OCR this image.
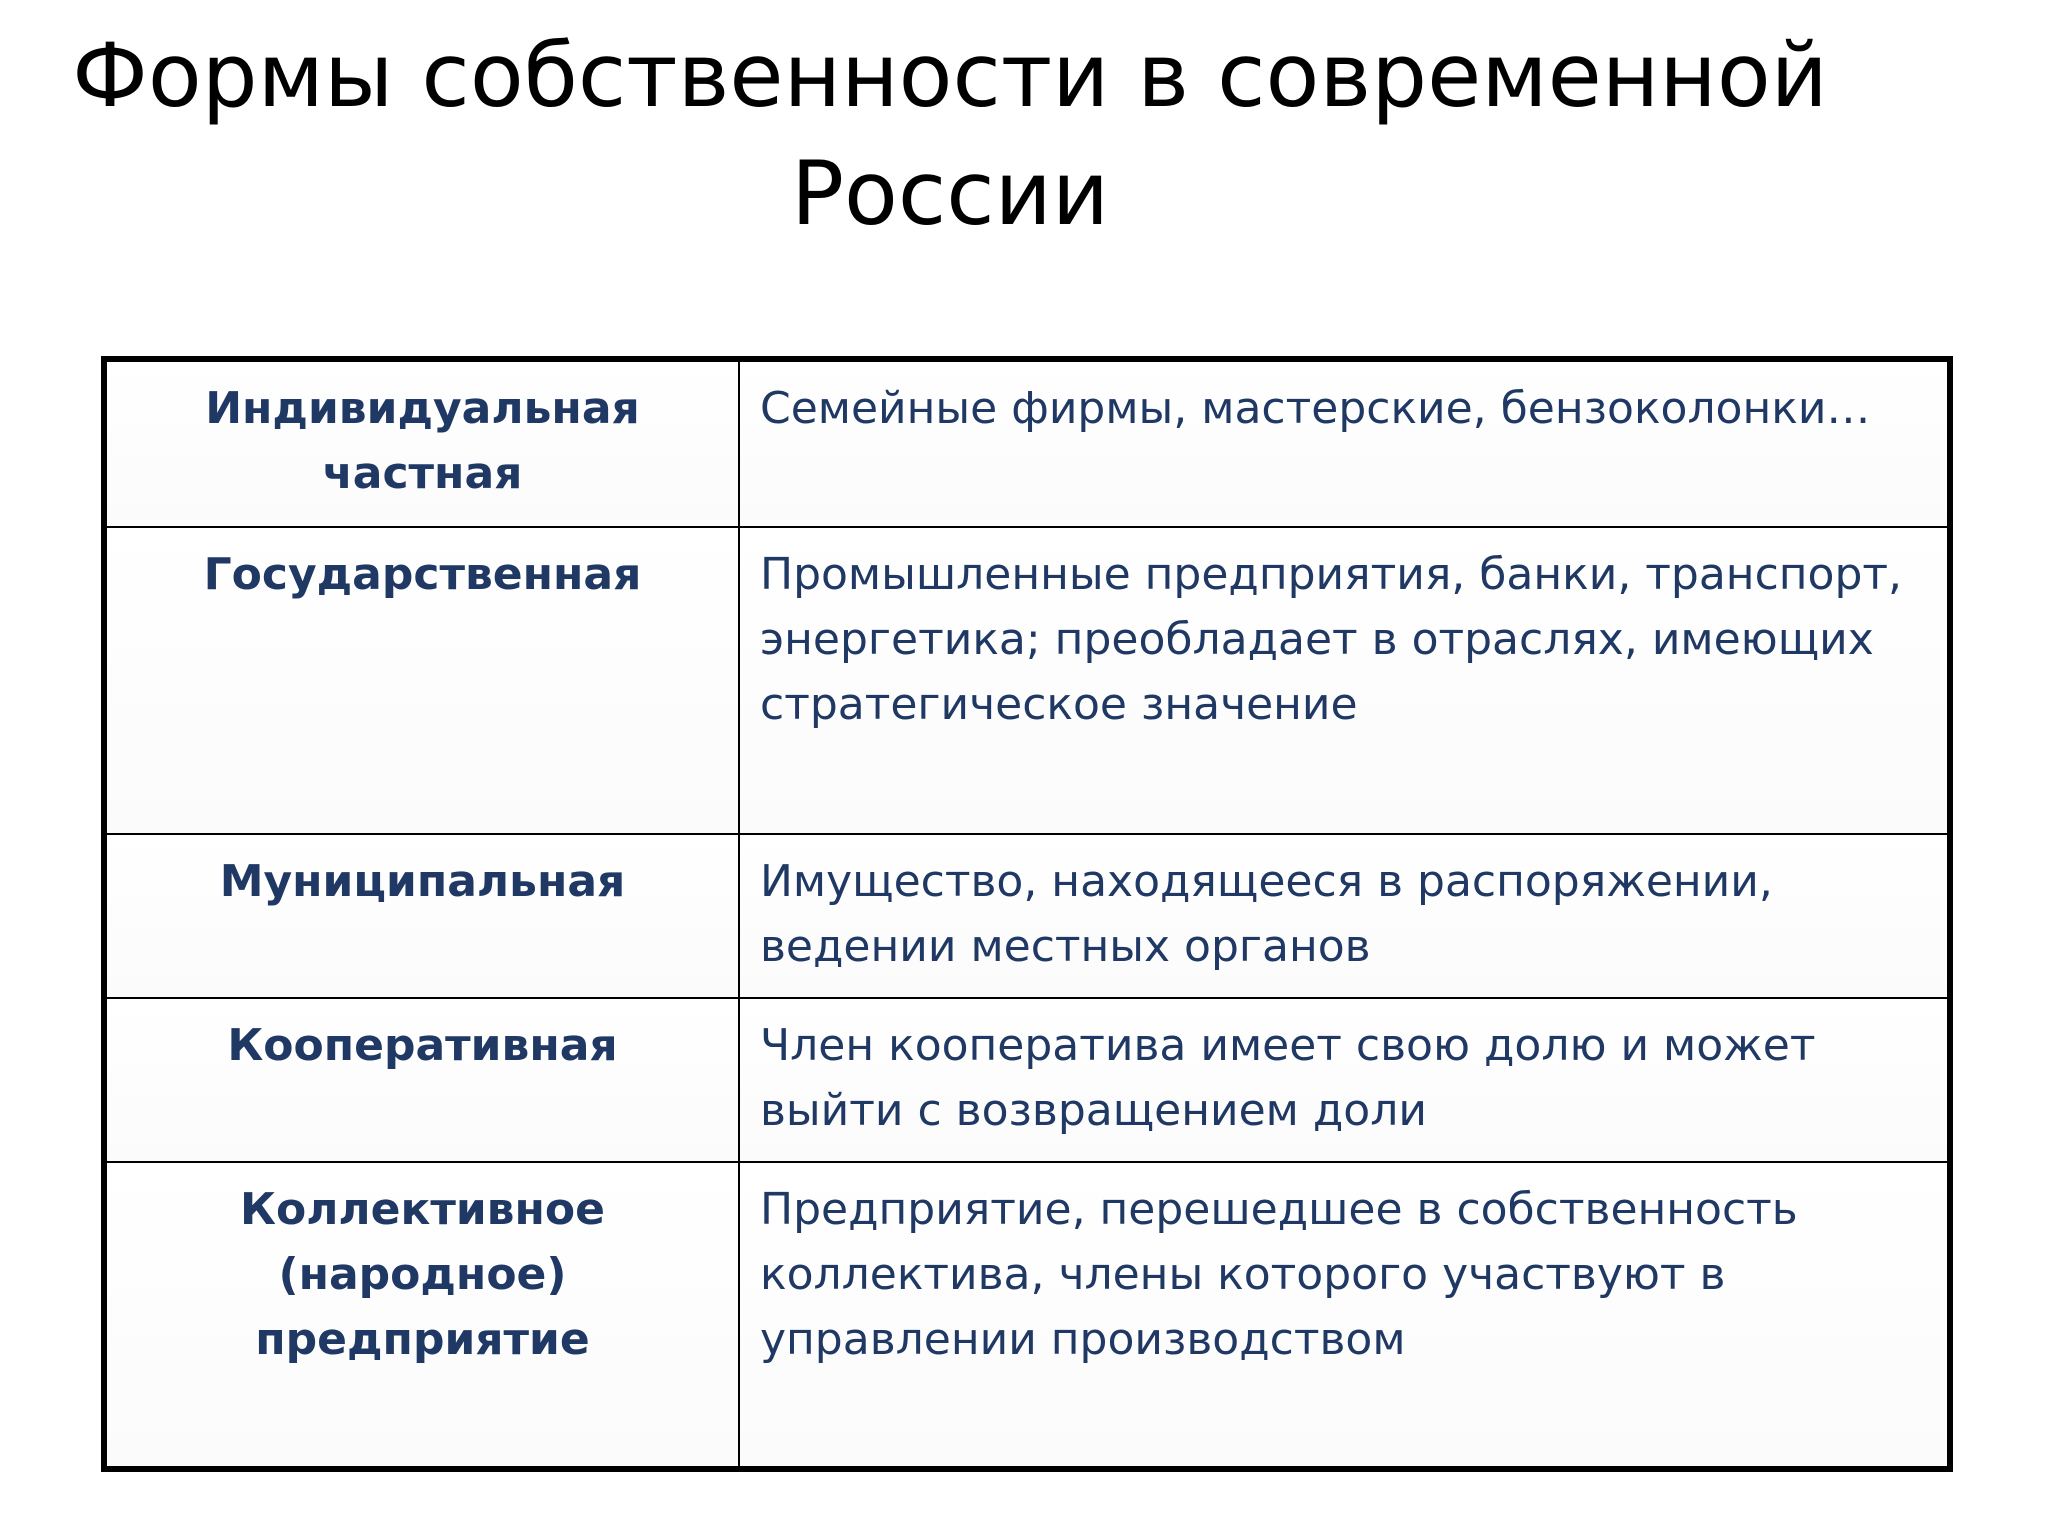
Формы собственности в современной
России
Индивидуальная частная	Семейные фирмы, мастерские, бензоколонки…
Государственная	Промышленные предприятия, банки, транспорт, энергетика; преобладает в отраслях, имеющих стратегическое значение
Муниципальная	Имущество, находящееся в распоряжении, ведении местных органов
Кооперативная	Член кооператива имеет свою долю и может выйти с возвращением доли
Коллективное (народное) предприятие	Предприятие, перешедшее в собственность коллектива, члены которого участвуют в управлении производством
